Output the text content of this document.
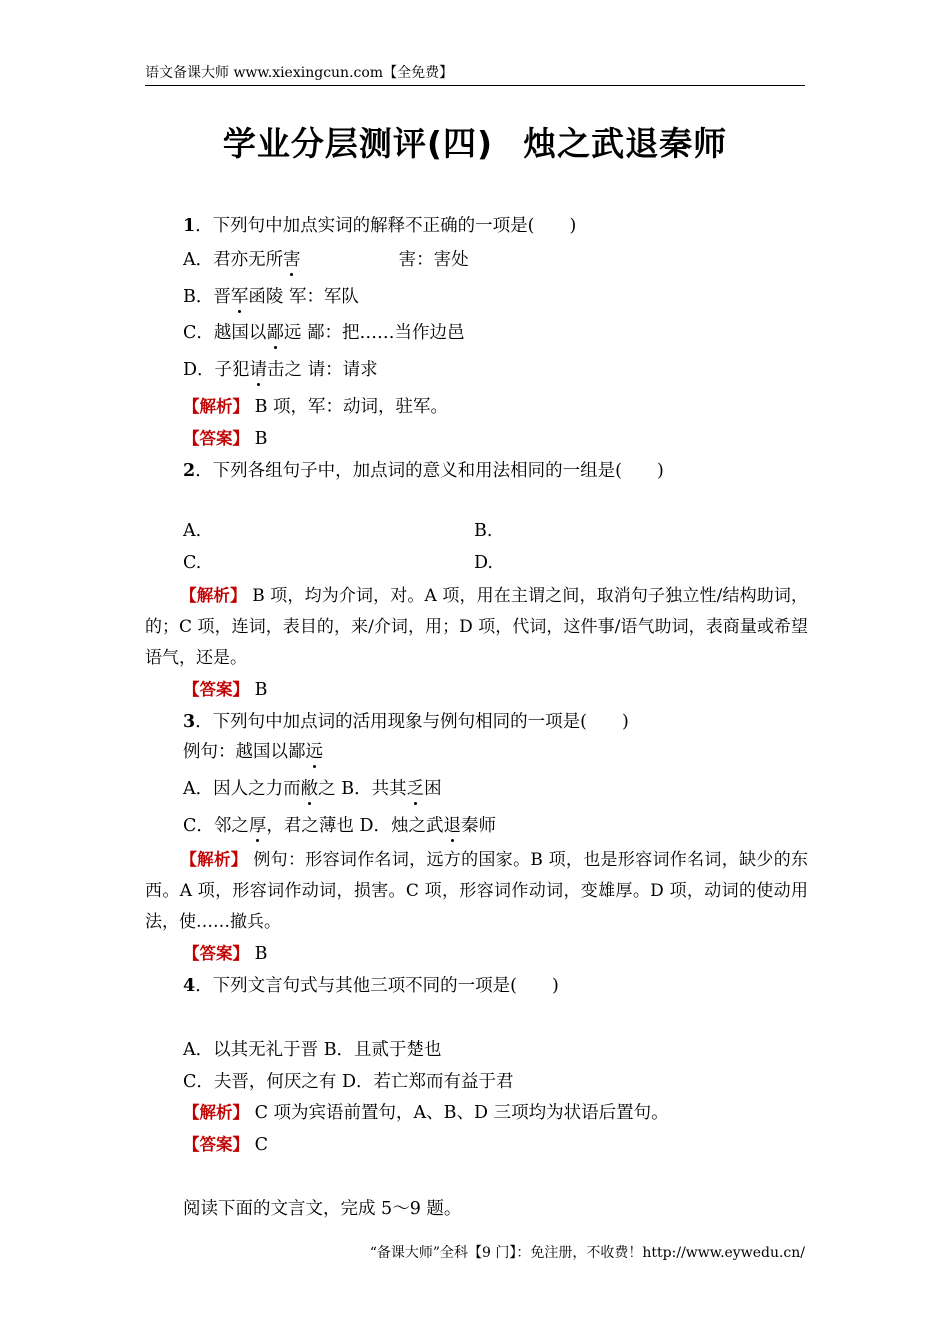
语文备课大师 www.xiexingcun.com【全免费】
学业分层测评(四) 烛之武退秦师
1．下列句中加点实词的解释不正确的一项是(　　)
A．君亦无所害	害：害处
B．晋军函陵 军：军队
C．越国以鄙远 鄙：把……当作边邑
D．子犯请击之 请：请求
【解析】 B 项，军：动词，驻军。
【答案】 B
2．下列各组句子中，加点词的意义和用法相同的一组是(　　)
A.	B.
C.	D.
【解析】 B 项，均为介词，对。A 项，用在主谓之间，取消句子独立性/结构助词，的；C 项，连词，表目的，来/介词，用；D 项，代词，这件事/语气助词，表商量或希望语气，还是。
【答案】 B
3．下列句中加点词的活用现象与例句相同的一项是(　　)
例句：越国以鄙远
A．因人之力而敝之 B．共其乏困
C．邻之厚，君之薄也 D．烛之武退秦师
【解析】 例句：形容词作名词，远方的国家。B 项，也是形容词作名词，缺少的东西。A 项，形容词作动词，损害。C 项，形容词作动词，变雄厚。D 项，动词的使动用法，使……撤兵。
【答案】 B
4．下列文言句式与其他三项不同的一项是(　　)
A．以其无礼于晋 B．且贰于楚也
C．夫晋，何厌之有 D．若亡郑而有益于君
【解析】 C 项为宾语前置句，A、B、D 三项均为状语后置句。
【答案】 C
阅读下面的文言文，完成 5～9 题。
“备课大师”全科【9 门】：免注册，不收费！http://www.eywedu.cn/
